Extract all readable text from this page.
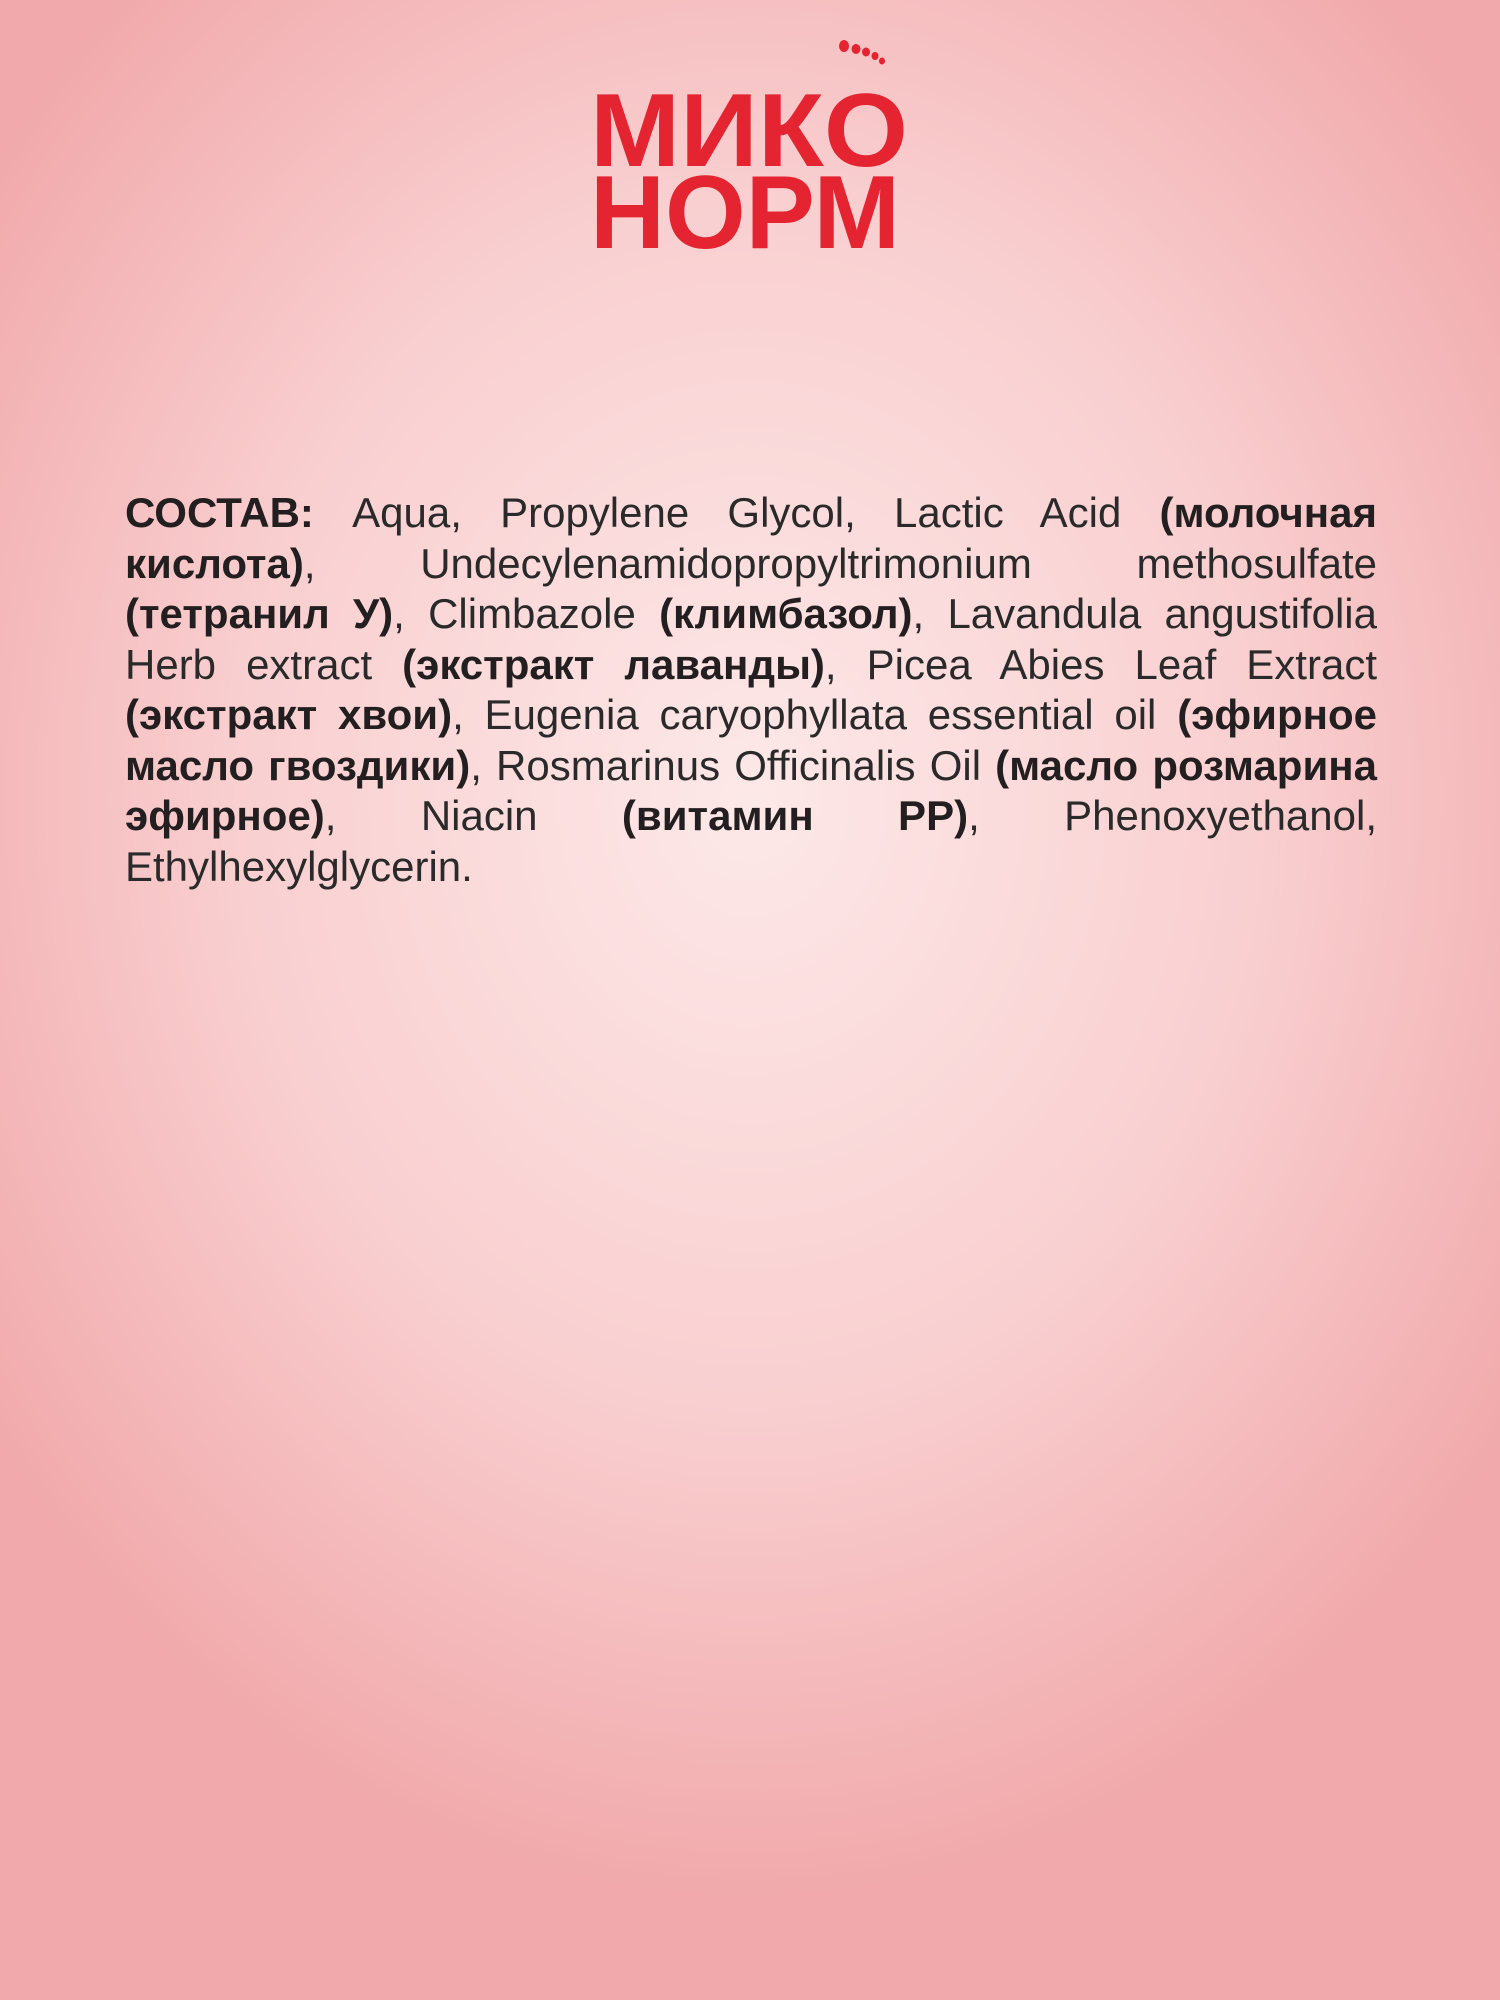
МИКО
НОРМ
СОСТАВ: Aqua, Propylene Glycol, Lactic Acid (молочная кислота), Undecylenamidopropyltrimonium methosulfate (тетранил У), Climbazole (климбазол), Lavandula angustifolia Herb extract (экстракт лаванды), Picea Abies Leaf Extract (экстракт хвои), Eugenia caryophyllata essential oil (эфирное масло гвоздики), Rosmarinus Officinalis Oil (масло розмарина эфирное), Niacin (витамин PP), Phenoxyethanol, Ethylhexylglycerin.
